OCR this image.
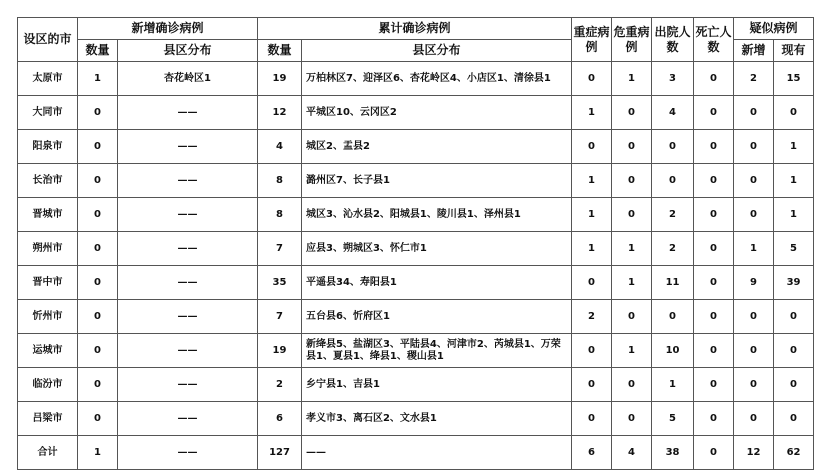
设区的市	新增确诊病例		累计确诊病例		重症病例	危重病例	出院人数	死亡人数	疑似病例	
	数量	县区分布	数量	县区分布					新增	现有
太原市	1	杏花岭区1	19	万柏林区7、迎泽区6、杏花岭区4、小店区1、清徐县1	0	1	3	0	2	15
大同市	0	——	12	平城区10、云冈区2	1	0	4	0	0	0
阳泉市	0	——	4	城区2、盂县2	0	0	0	0	0	1
长治市	0	——	8	潞州区7、长子县1	1	0	0	0	0	1
晋城市	0	——	8	城区3、沁水县2、阳城县1、陵川县1、泽州县1	1	0	2	0	0	1
朔州市	0	——	7	应县3、朔城区3、怀仁市1	1	1	2	0	1	5
晋中市	0	——	35	平遥县34、寿阳县1	0	1	11	0	9	39
忻州市	0	——	7	五台县6、忻府区1	2	0	0	0	0	0
运城市	0	——	19	新绛县5、盐湖区3、平陆县4、河津市2、芮城县1、万荣县1、夏县1、绛县1、稷山县1	0	1	10	0	0	0
临汾市	0	——	2	乡宁县1、吉县1	0	0	1	0	0	0
吕梁市	0	——	6	孝义市3、离石区2、文水县1	0	0	5	0	0	0
合计	1	——	127	——	6	4	38	0	12	62
